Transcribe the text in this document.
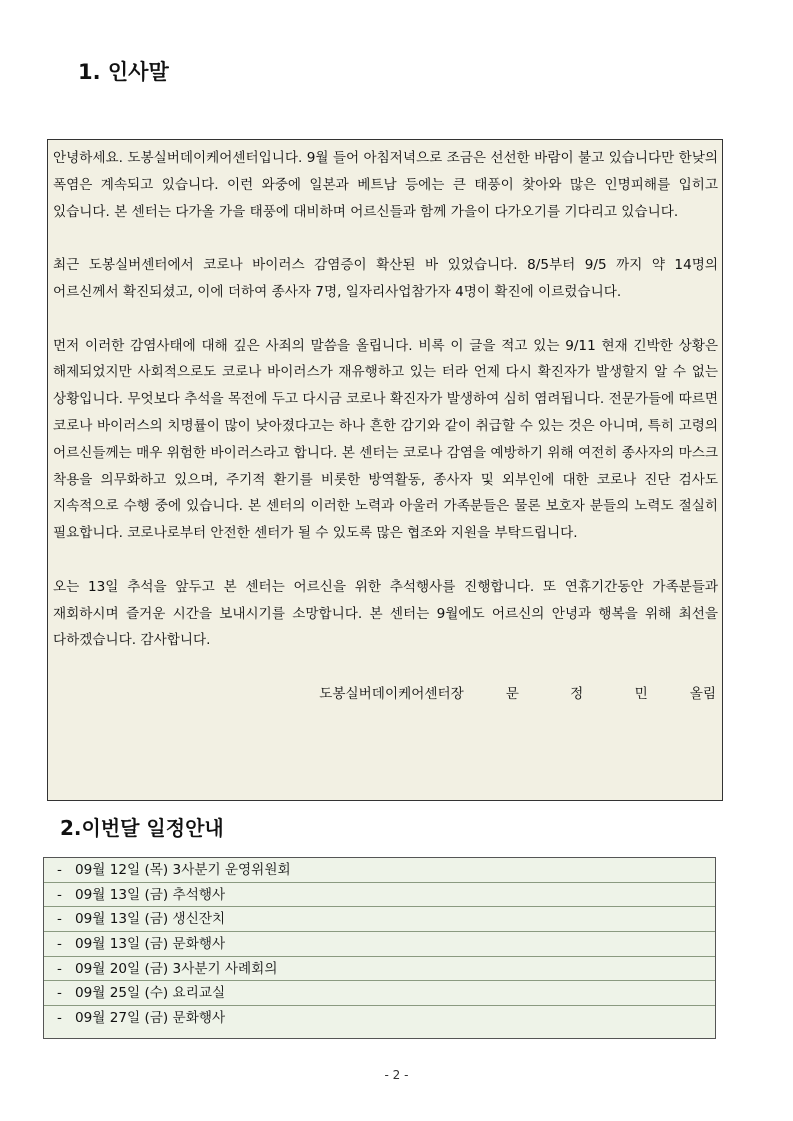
1. 인사말

안녕하세요. 도봉실버데이케어센터입니다. 9월 들어 아침저녁으로 조금은 선선한 바람이 불고 있습니다만 한낮의 폭염은 계속되고 있습니다. 이런 와중에 일본과 베트남 등에는 큰 태풍이 찾아와 많은 인명피해를 입히고 있습니다. 본 센터는 다가올 가을 태풍에 대비하며 어르신들과 함께 가을이 다가오기를 기다리고 있습니다.

최근 도봉실버센터에서 코로나 바이러스 감염증이 확산된 바 있었습니다. 8/5부터 9/5 까지 약 14명의 어르신께서 확진되셨고, 이에 더하여 종사자 7명, 일자리사업참가자 4명이 확진에 이르렀습니다.

먼저 이러한 감염사태에 대해 깊은 사죄의 말씀을 올립니다. 비록 이 글을 적고 있는 9/11 현재 긴박한 상황은 해제되었지만 사회적으로도 코로나 바이러스가 재유행하고 있는 터라 언제 다시 확진자가 발생할지 알 수 없는 상황입니다. 무엇보다 추석을 목전에 두고 다시금 코로나 확진자가 발생하여 심히 염려됩니다. 전문가들에 따르면 코로나 바이러스의 치명률이 많이 낮아졌다고는 하나 흔한 감기와 같이 취급할 수 있는 것은 아니며, 특히 고령의 어르신들께는 매우 위험한 바이러스라고 합니다. 본 센터는 코로나 감염을 예방하기 위해 여전히 종사자의 마스크 착용을 의무화하고 있으며, 주기적 환기를 비롯한 방역활동, 종사자 및 외부인에 대한 코로나 진단 검사도 지속적으로 수행 중에 있습니다. 본 센터의 이러한 노력과 아울러 가족분들은 물론 보호자 분들의 노력도 절실히 필요합니다. 코로나로부터 안전한 센터가 될 수 있도록 많은 협조와 지원을 부탁드립니다.

오는 13일 추석을 앞두고 본 센터는 어르신을 위한 추석행사를 진행합니다. 또 연휴기간동안 가족분들과 재회하시며 즐거운 시간을 보내시기를 소망합니다. 본 센터는 9월에도 어르신의 안녕과 행복을 위해 최선을 다하겠습니다. 감사합니다.

도봉실버데이케어센터장	문	정	민	올림
2.이번달 일정안내
- 09월 12일 (목) 3사분기 운영위원회
- 09월 13일 (금) 추석행사
- 09월 13일 (금) 생신잔치
- 09월 13일 (금) 문화행사
- 09월 20일 (금) 3사분기 사례회의
- 09월 25일 (수) 요리교실
- 09월 27일 (금) 문화행사
- 2 -
